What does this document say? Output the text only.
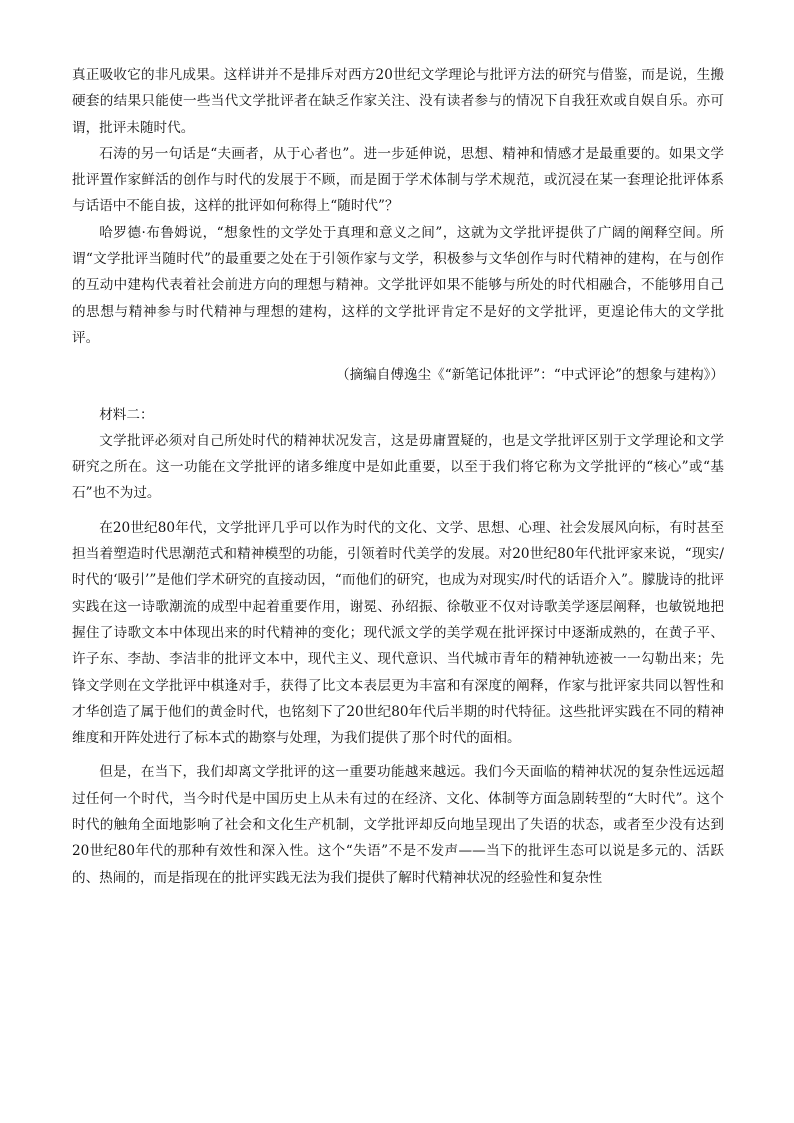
真正吸收它的非凡成果。这样讲并不是排斥对西方20世纪文学理论与批评方法的研究与借鉴，而是说，生搬硬套的结果只能使一些当代文学批评者在缺乏作家关注、没有读者参与的情况下自我狂欢或自娱自乐。亦可谓，批评未随时代。

石涛的另一句话是“夫画者，从于心者也”。进一步延伸说，思想、精神和情感才是最重要的。如果文学批评置作家鲜活的创作与时代的发展于不顾，而是囿于学术体制与学术规范，或沉浸在某一套理论批评体系与话语中不能自拔，这样的批评如何称得上“随时代”？

哈罗德·布鲁姆说，“想象性的文学处于真理和意义之间”，这就为文学批评提供了广阔的阐释空间。所谓“文学批评当随时代”的最重要之处在于引领作家与文学，积极参与文华创作与时代精神的建构，在与创作的互动中建构代表着社会前进方向的理想与精神。文学批评如果不能够与所处的时代相融合，不能够用自己的思想与精神参与时代精神与理想的建构，这样的文学批评肯定不是好的文学批评，更遑论伟大的文学批评。

（摘编自傅逸尘《“新笔记体批评”：“中式评论”的想象与建构》）

材料二：

文学批评必须对自己所处时代的精神状况发言，这是毋庸置疑的，也是文学批评区别于文学理论和文学研究之所在。这一功能在文学批评的诸多维度中是如此重要，以至于我们将它称为文学批评的“核心”或“基石”也不为过。

在20世纪80年代，文学批评几乎可以作为时代的文化、文学、思想、心理、社会发展风向标，有时甚至担当着塑造时代思潮范式和精神模型的功能，引领着时代美学的发展。对20世纪80年代批评家来说，“现实/时代的‘吸引’”是他们学术研究的直接动因，“而他们的研究，也成为对现实/时代的话语介入”。朦胧诗的批评实践在这一诗歌潮流的成型中起着重要作用，谢冕、孙绍振、徐敬亚不仅对诗歌美学逐层阐释，也敏锐地把握住了诗歌文本中体现出来的时代精神的变化；现代派文学的美学观在批评探讨中逐渐成熟的，在黄子平、许子东、李劼、李洁非的批评文本中，现代主义、现代意识、当代城市青年的精神轨迹被一一勾勒出来；先锋文学则在文学批评中棋逢对手，获得了比文本表层更为丰富和有深度的阐释，作家与批评家共同以智性和才华创造了属于他们的黄金时代，也铭刻下了20世纪80年代后半期的时代特征。这些批评实践在不同的精神维度和开阵处进行了标本式的勘察与处理，为我们提供了那个时代的面相。

但是，在当下，我们却离文学批评的这一重要功能越来越远。我们今天面临的精神状况的复杂性远远超过任何一个时代，当今时代是中国历史上从未有过的在经济、文化、体制等方面急剧转型的“大时代”。这个时代的触角全面地影响了社会和文化生产机制，文学批评却反向地呈现出了失语的状态，或者至少没有达到20世纪80年代的那种有效性和深入性。这个“失语”不是不发声——当下的批评生态可以说是多元的、活跃的、热闹的，而是指现在的批评实践无法为我们提供了解时代精神状况的经验性和复杂性
